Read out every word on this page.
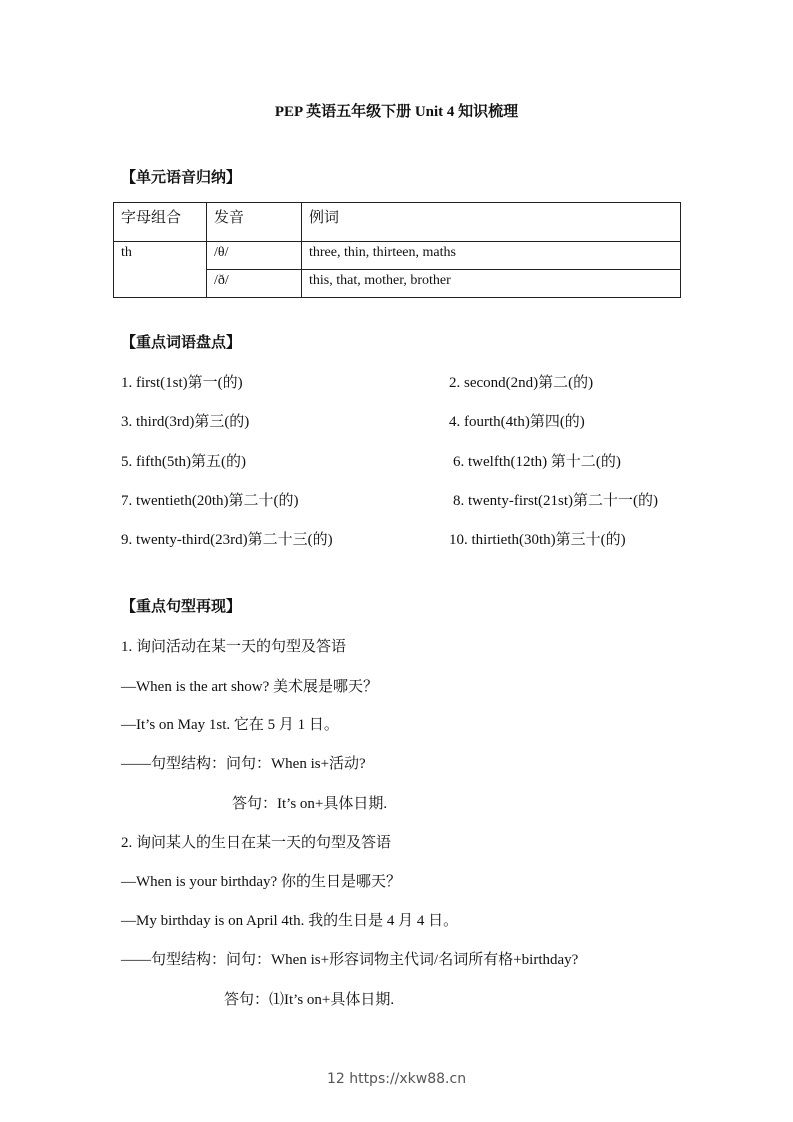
PEP 英语五年级下册 Unit 4 知识梳理
【单元语音归纳】
字母组合	发音	例词
th	/θ/	three, thin, thirteen, maths
	/ð/	this, that, mother, brother
【重点词语盘点】
1. first(1st)第一(的)	2. second(2nd)第二(的)
3. third(3rd)第三(的)	4. fourth(4th)第四(的)
5. fifth(5th)第五(的)	6. twelfth(12th) 第十二(的)
7. twentieth(20th)第二十(的)	8. twenty-first(21st)第二十一(的)
9. twenty-third(23rd)第二十三(的)	10. thirtieth(30th)第三十(的)
【重点句型再现】
1. 询问活动在某一天的句型及答语
—When is the art show? 美术展是哪天？
—It’s on May 1st. 它在 5 月 1 日。
——句型结构：问句：When is+活动?
答句：It’s on+具体日期.
2. 询问某人的生日在某一天的句型及答语
—When is your birthday? 你的生日是哪天？
—My birthday is on April 4th. 我的生日是 4 月 4 日。
——句型结构：问句：When is+形容词物主代词/名词所有格+birthday?
答句：⑴It’s on+具体日期.
12 https://xkw88.cn
